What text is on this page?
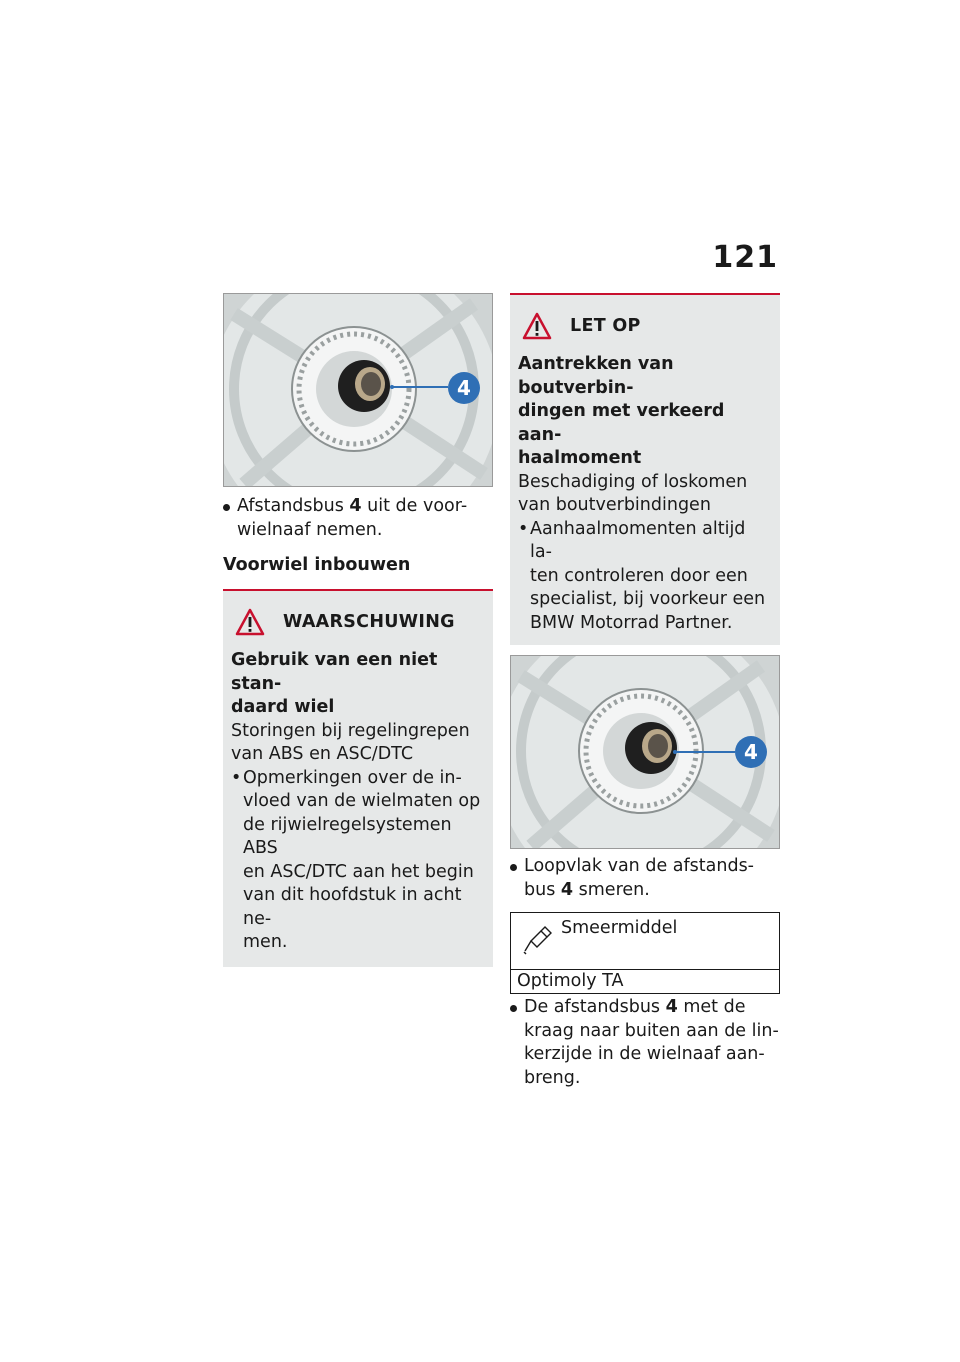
121
4
Afstandsbus 4 uit de voor-
wielnaaf nemen.
Voorwiel inbouwen
WAARSCHUWING
Gebruik van een niet stan-
daard wiel

Storingen bij regelingrepen
van ABS en ASC/DTC

• Opmerkingen over de in-
vloed van de wielmaten op
de rijwielregelsystemen ABS
en ASC/DTC aan het begin
van dit hoofdstuk in acht ne-
men.
LET OP
Aantrekken van boutverbin-
dingen met verkeerd aan-
haalmoment

Beschadiging of loskomen
van boutverbindingen

• Aanhaalmomenten altijd la-
ten controleren door een
specialist, bij voorkeur een
BMW Motorrad Partner.
4
Loopvlak van de afstands-
bus 4 smeren.
Smeermiddel
Optimoly TA
De afstandsbus 4 met de
kraag naar buiten aan de lin-
kerzijde in de wielnaaf aan-
breng.
